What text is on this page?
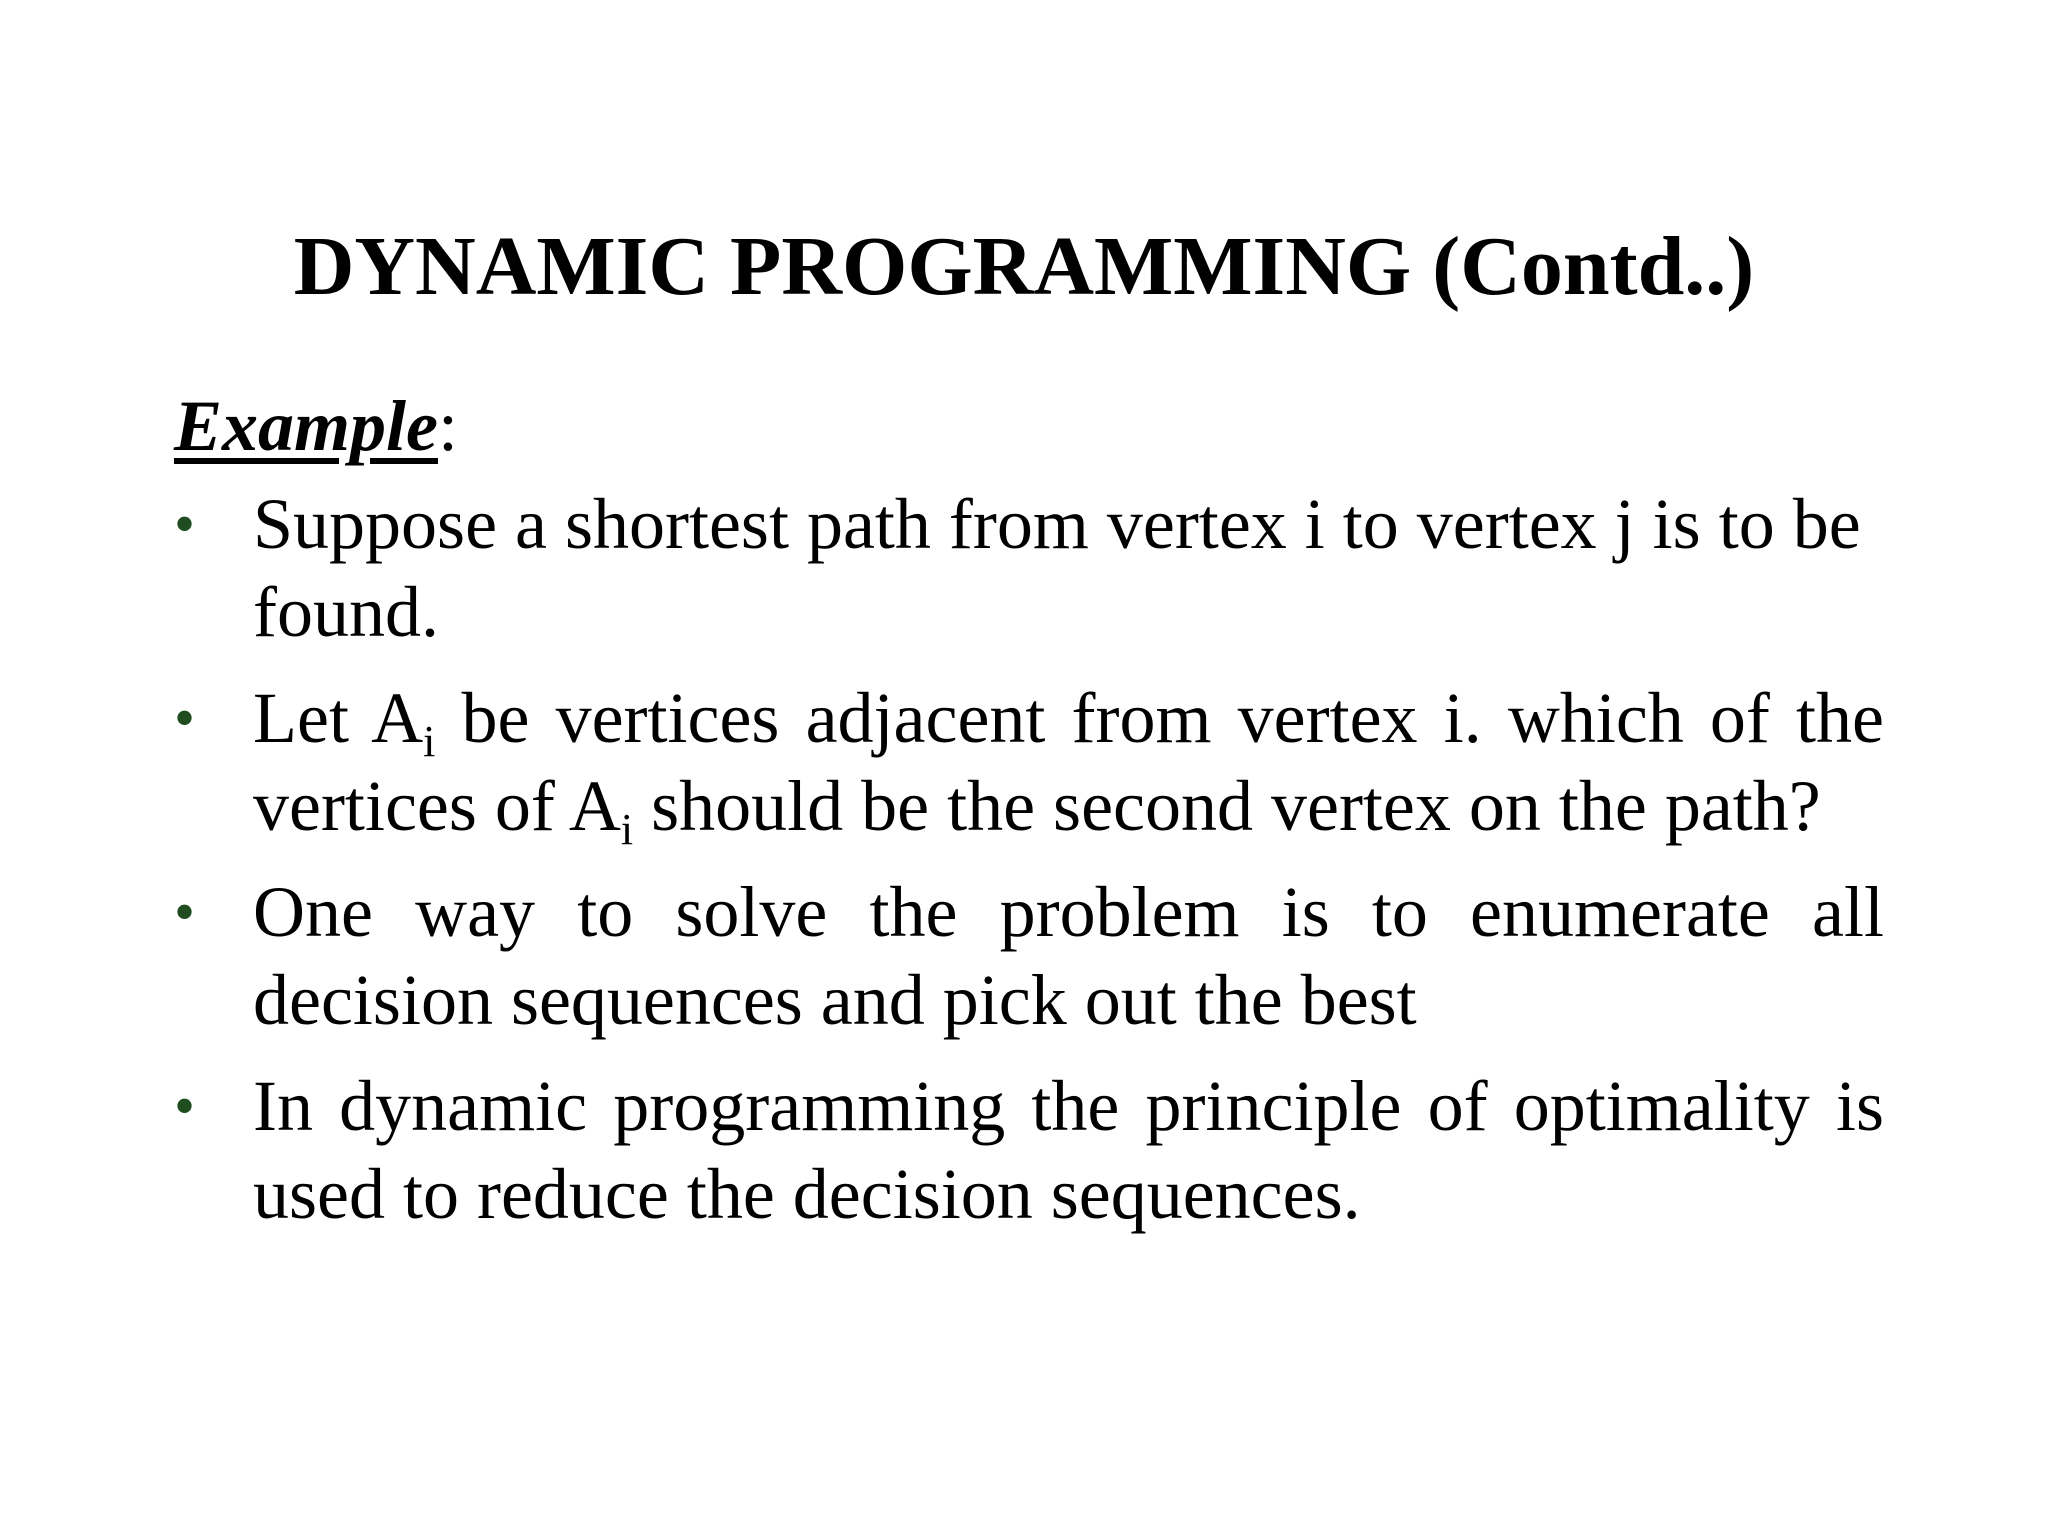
DYNAMIC PROGRAMMING (Contd..)
Example:
• Suppose a shortest path from vertex i to vertex j is to be found.
• Let $A_i$ be vertices adjacent from vertex i. which of the vertices of $A_i$ should be the second vertex on the path?
• One way to solve the problem is to enumerate all decision sequences and pick out the best
• In dynamic programming the principle of optimality is used to reduce the decision sequences.
